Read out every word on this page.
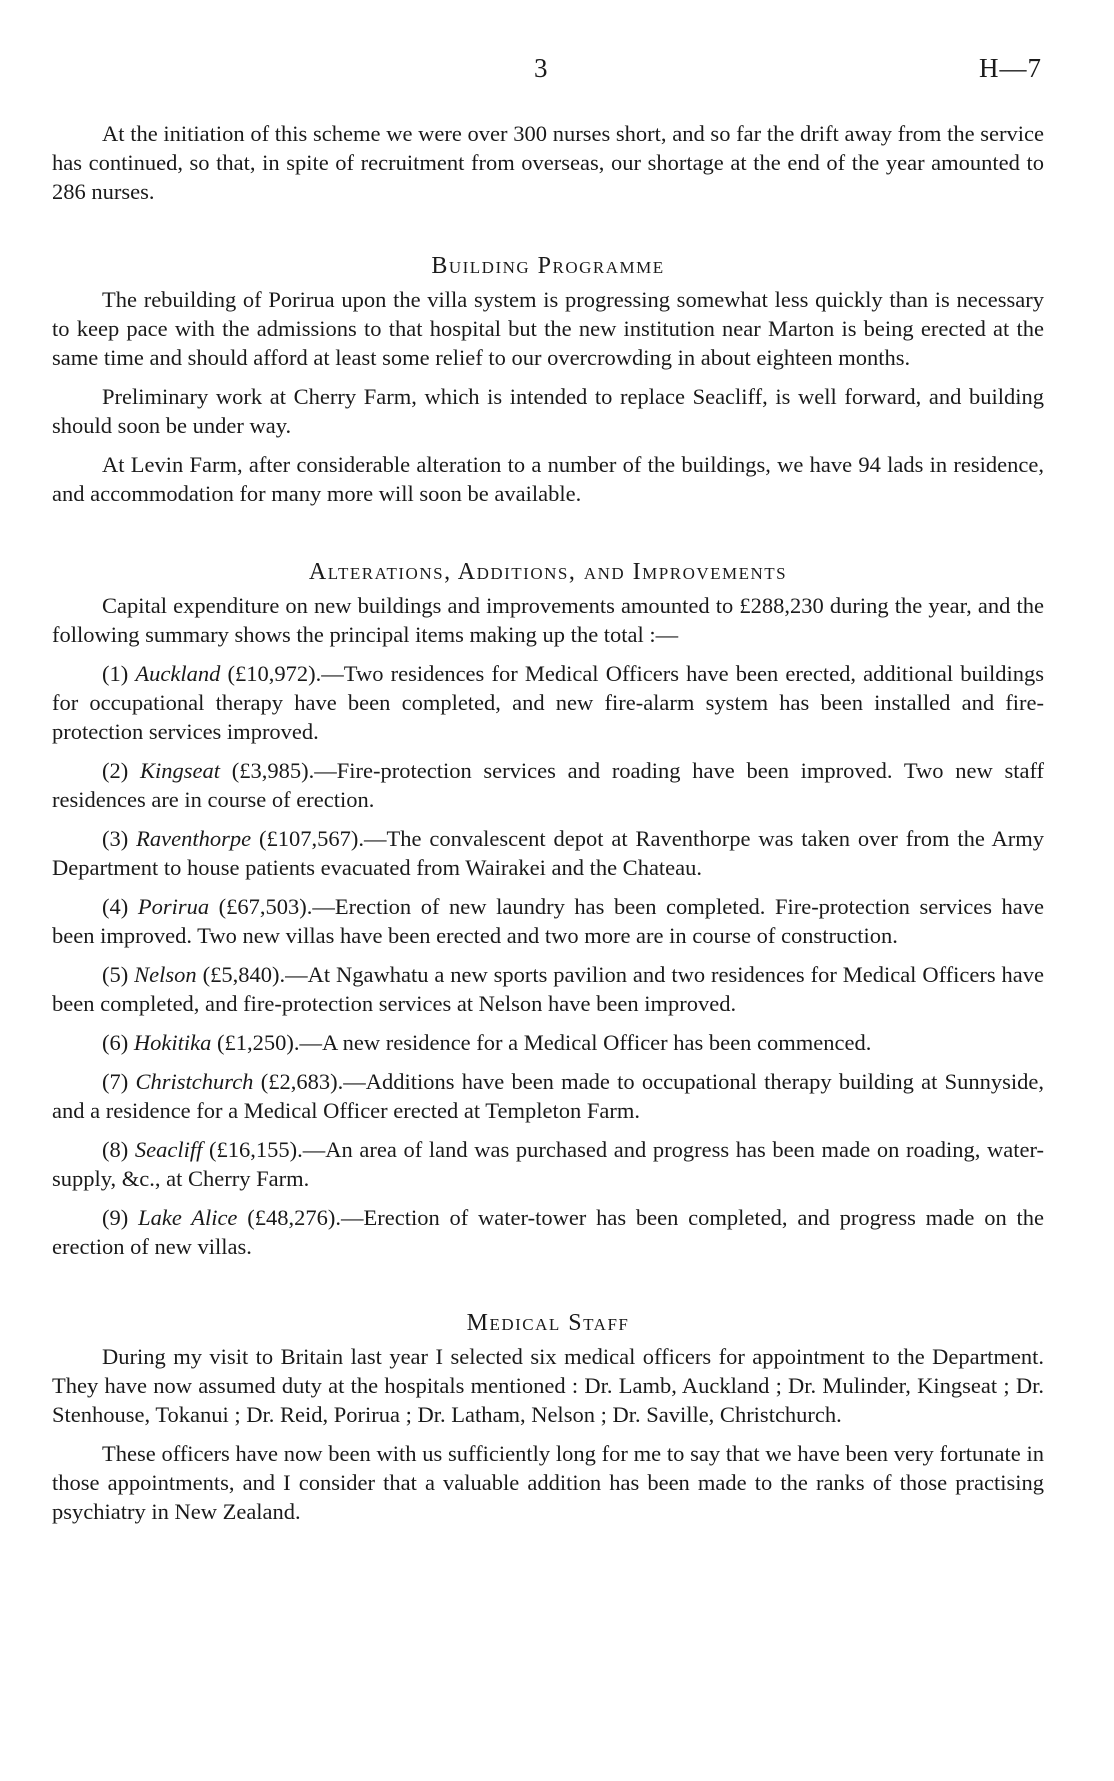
3	H—7

At the initiation of this scheme we were over 300 nurses short, and so far the drift away from the service has continued, so that, in spite of recruitment from overseas, our shortage at the end of the year amounted to 286 nurses.

Building Programme

The rebuilding of Porirua upon the villa system is progressing somewhat less quickly than is necessary to keep pace with the admissions to that hospital but the new institution near Marton is being erected at the same time and should afford at least some relief to our overcrowding in about eighteen months.

Preliminary work at Cherry Farm, which is intended to replace Seacliff, is well forward, and building should soon be under way.

At Levin Farm, after considerable alteration to a number of the buildings, we have 94 lads in residence, and accommodation for many more will soon be available.

Alterations, Additions, and Improvements

Capital expenditure on new buildings and improvements amounted to £288,230 during the year, and the following summary shows the principal items making up the total :—

(1) Auckland (£10,972).—Two residences for Medical Officers have been erected, additional buildings for occupational therapy have been completed, and new fire-alarm system has been installed and fire-protection services improved.

(2) Kingseat (£3,985).—Fire-protection services and roading have been improved. Two new staff residences are in course of erection.

(3) Raventhorpe (£107,567).—The convalescent depot at Raventhorpe was taken over from the Army Department to house patients evacuated from Wairakei and the Chateau.

(4) Porirua (£67,503).—Erection of new laundry has been completed. Fire-protection services have been improved. Two new villas have been erected and two more are in course of construction.

(5) Nelson (£5,840).—At Ngawhatu a new sports pavilion and two residences for Medical Officers have been completed, and fire-protection services at Nelson have been improved.

(6) Hokitika (£1,250).—A new residence for a Medical Officer has been commenced.

(7) Christchurch (£2,683).—Additions have been made to occupational therapy building at Sunnyside, and a residence for a Medical Officer erected at Templeton Farm.

(8) Seacliff (£16,155).—An area of land was purchased and progress has been made on roading, water-supply, &c., at Cherry Farm.

(9) Lake Alice (£48,276).—Erection of water-tower has been completed, and progress made on the erection of new villas.

Medical Staff

During my visit to Britain last year I selected six medical officers for appointment to the Department. They have now assumed duty at the hospitals mentioned : Dr. Lamb, Auckland ; Dr. Mulinder, Kingseat ; Dr. Stenhouse, Tokanui ; Dr. Reid, Porirua ; Dr. Latham, Nelson ; Dr. Saville, Christchurch.

These officers have now been with us sufficiently long for me to say that we have been very fortunate in those appointments, and I consider that a valuable addition has been made to the ranks of those practising psychiatry in New Zealand.
